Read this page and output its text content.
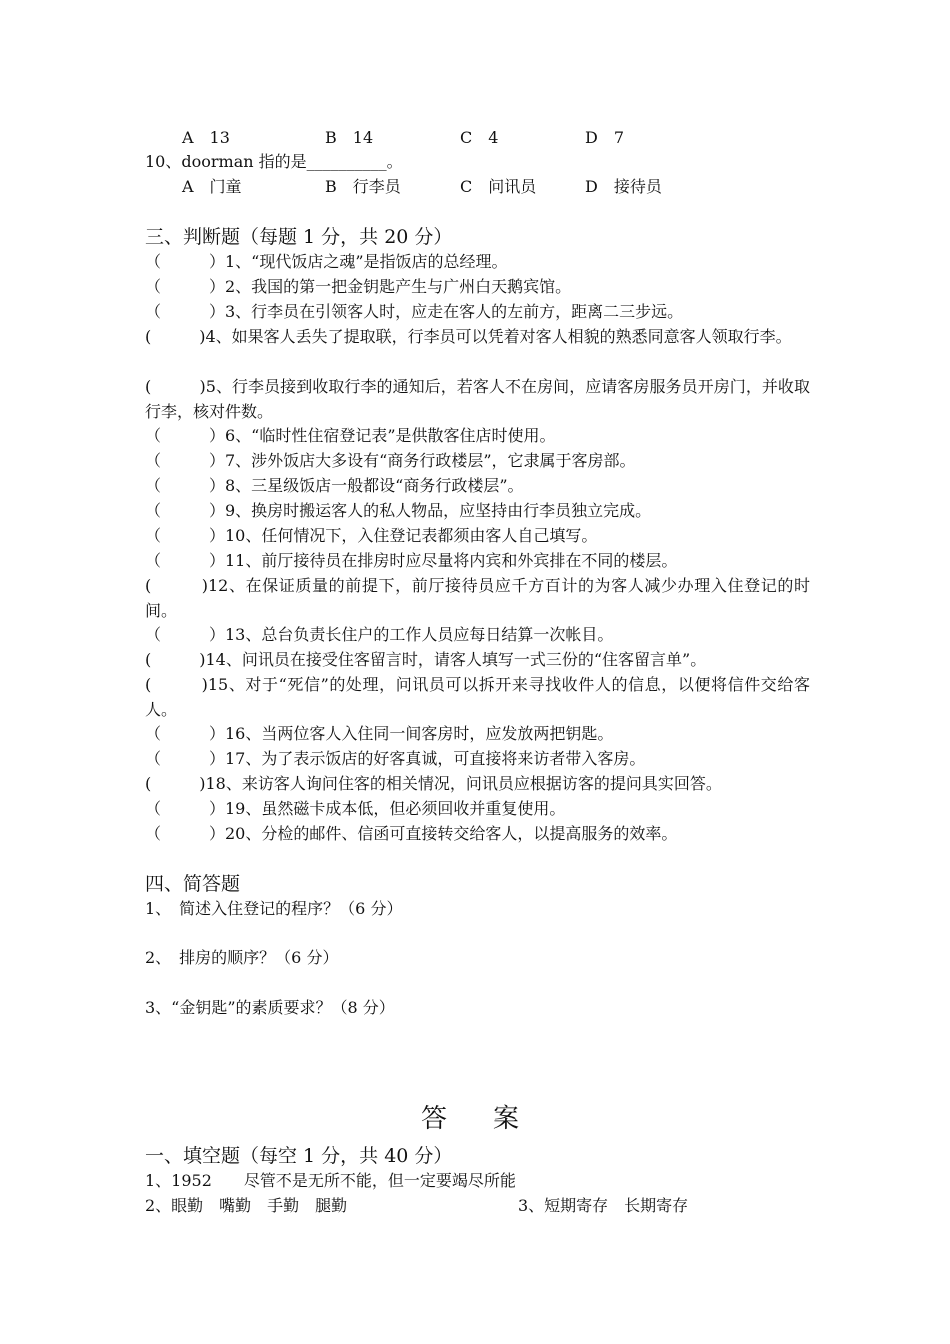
A　13	B　14	C　4	D　7
10、doorman 指的是__________。
A　门童	B　行李员	C　问讯员	D　接待员
三、判断题（每题 1 分，共 20 分）
（　　　）1、“现代饭店之魂”是指饭店的总经理。
（　　　）2、我国的第一把金钥匙产生与广州白天鹅宾馆。
（　　　）3、行李员在引领客人时，应走在客人的左前方，距离二三步远。
(　　　)4、如果客人丢失了提取联，行李员可以凭着对客人相貌的熟悉同意客人领取行李。
(　　　)5、行李员接到收取行李的通知后，若客人不在房间，应请客房服务员开房门，并收取行李，核对件数。
（　　　）6、“临时性住宿登记表”是供散客住店时使用。
（　　　）7、涉外饭店大多设有“商务行政楼层”，它隶属于客房部。
（　　　）8、三星级饭店一般都设“商务行政楼层”。
（　　　）9、换房时搬运客人的私人物品，应坚持由行李员独立完成。
（　　　）10、任何情况下，入住登记表都须由客人自己填写。
（　　　）11、前厅接待员在排房时应尽量将内宾和外宾排在不同的楼层。
(　　　)12、在保证质量的前提下，前厅接待员应千方百计的为客人减少办理入住登记的时间。
（　　　）13、总台负责长住户的工作人员应每日结算一次帐目。
(　　　)14、问讯员在接受住客留言时，请客人填写一式三份的“住客留言单”。
(　　　)15、对于“死信”的处理，问讯员可以拆开来寻找收件人的信息，以便将信件交给客人。
（　　　）16、当两位客人入住同一间客房时，应发放两把钥匙。
（　　　）17、为了表示饭店的好客真诚，可直接将来访者带入客房。
(　　　)18、来访客人询问住客的相关情况，问讯员应根据访客的提问具实回答。
（　　　）19、虽然磁卡成本低，但必须回收并重复使用。
（　　　）20、分检的邮件、信函可直接转交给客人，以提高服务的效率。
四、简答题
1、　简述入住登记的程序？（6 分）
2、　排房的顺序？（6 分）
3、“金钥匙”的素质要求？（8 分）
答　案
一、填空题（每空 1 分，共 40 分）
1、1952　　尽管不是无所不能，但一定要竭尽所能
2、眼勤　嘴勤　手勤　腿勤	3、短期寄存　长期寄存
